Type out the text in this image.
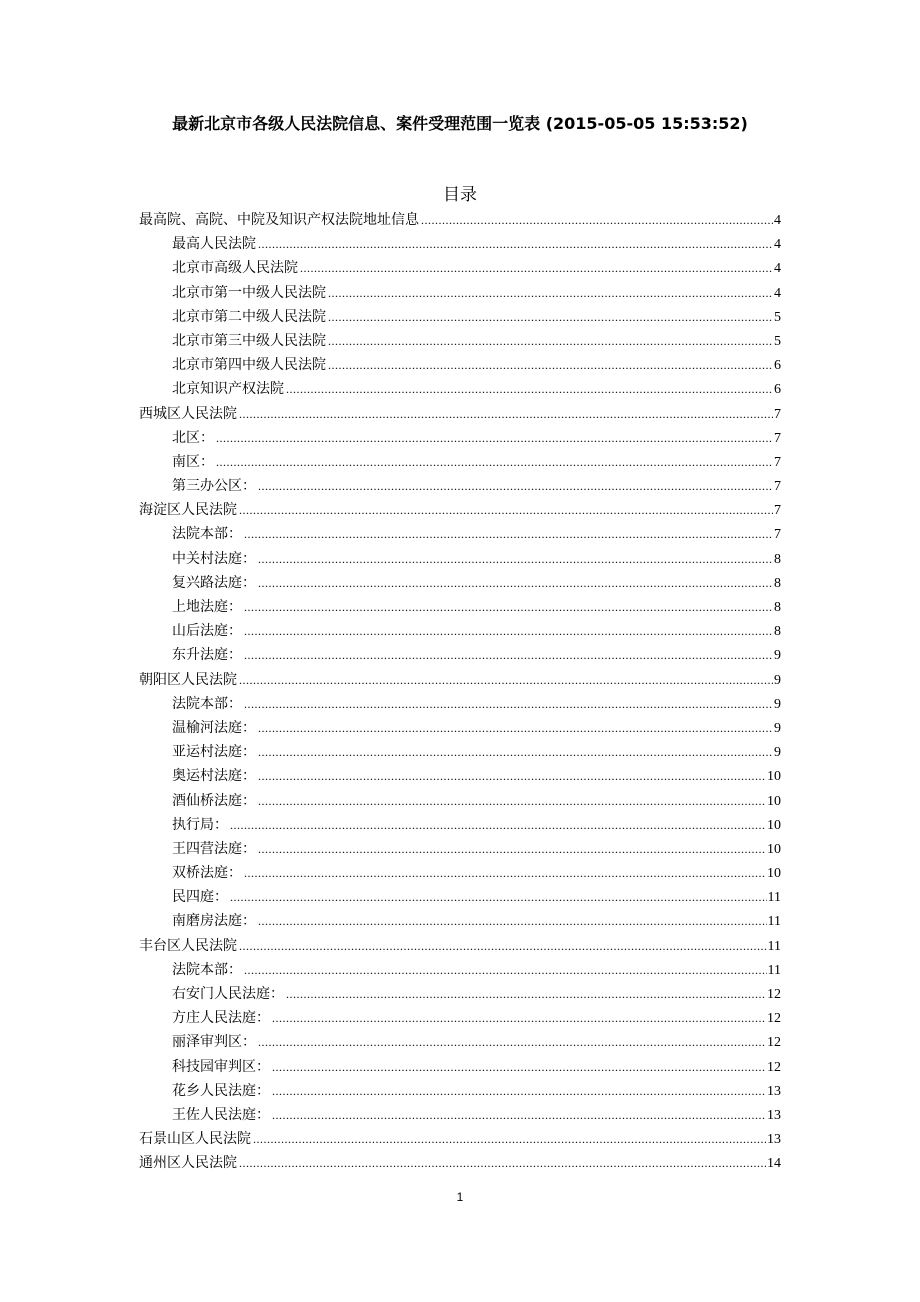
最新北京市各级人民法院信息、案件受理范围一览表 (2015-05-05 15:53:52)
目录
最高院、高院、中院及知识产权法院地址信息 .....	4
最高人民法院 .....	4
北京市高级人民法院 .....	4
北京市第一中级人民法院 .....	4
北京市第二中级人民法院 .....	5
北京市第三中级人民法院 .....	5
北京市第四中级人民法院 .....	6
北京知识产权法院 .....	6
西城区人民法院 .....	7
北区： .....	7
南区： .....	7
第三办公区： .....	7
海淀区人民法院 .....	7
法院本部： .....	7
中关村法庭： .....	8
复兴路法庭： .....	8
上地法庭： .....	8
山后法庭： .....	8
东升法庭： .....	9
朝阳区人民法院 .....	9
法院本部： .....	9
温榆河法庭： .....	9
亚运村法庭： .....	9
奥运村法庭： .....	10
酒仙桥法庭： .....	10
执行局： .....	10
王四营法庭： .....	10
双桥法庭： .....	10
民四庭： .....	11
南磨房法庭： .....	11
丰台区人民法院 .....	11
法院本部： .....	11
右安门人民法庭： .....	12
方庄人民法庭： .....	12
丽泽审判区： .....	12
科技园审判区： .....	12
花乡人民法庭： .....	13
王佐人民法庭： .....	13
石景山区人民法院 .....	13
通州区人民法院 .....	14
1
